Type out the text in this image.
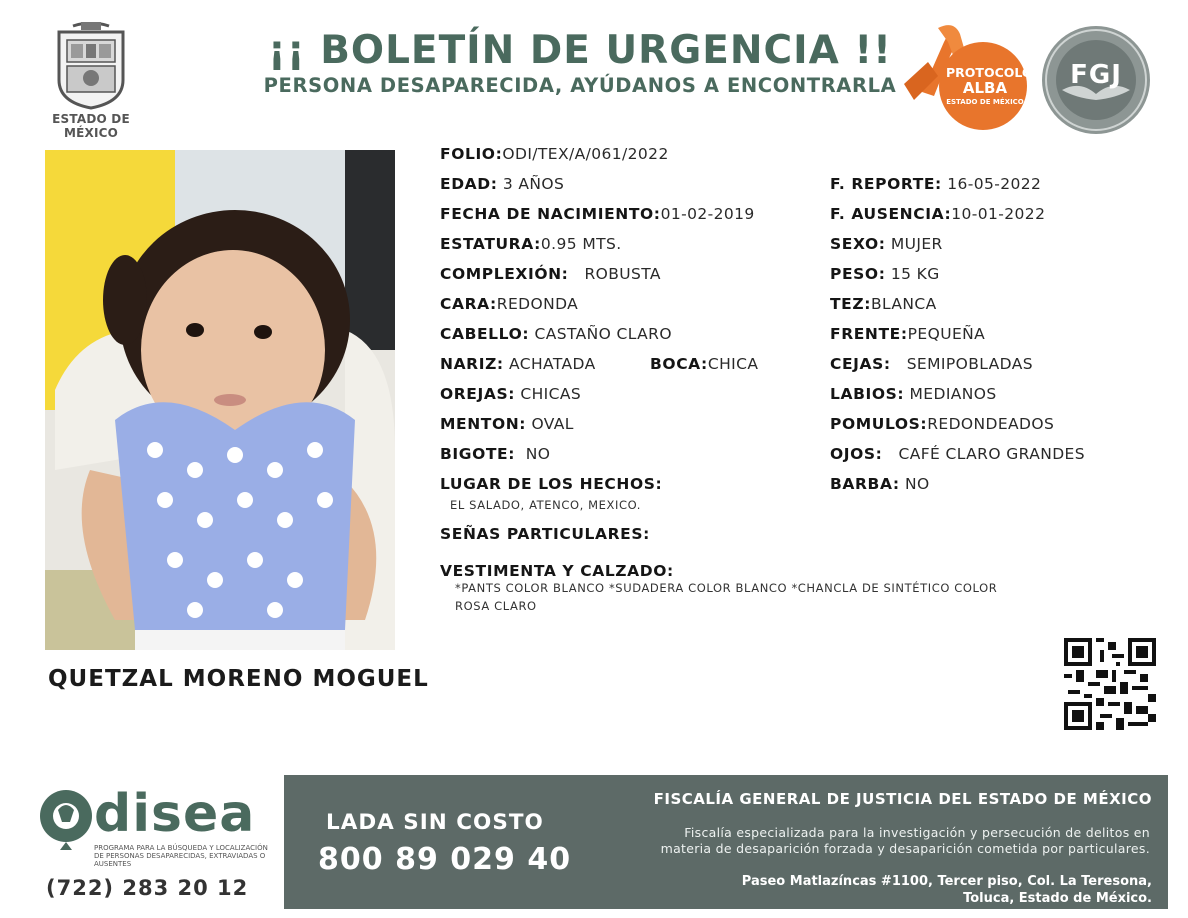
ESTADO DE MÉXICO
¡¡ BOLETÍN DE URGENCIA !!
PERSONA DESAPARECIDA, AYÚDANOS A ENCONTRARLA
PROTOCOLO
ALBA
ESTADO DE MÉXICO
FGJ
QUETZAL MORENO MOGUEL
FOLIO:ODI/TEX/A/061/2022
EDAD: 3 AÑOS
FECHA DE NACIMIENTO:01-02-2019
ESTATURA:0.95 MTS.
COMPLEXIÓN: ROBUSTA
CARA:REDONDA
CABELLO: CASTAÑO CLARO
NARIZ: ACHATADA	BOCA:CHICA
OREJAS: CHICAS
MENTON: OVAL
BIGOTE: NO
LUGAR DE LOS HECHOS:
EL SALADO, ATENCO, MEXICO.
SEÑAS PARTICULARES:
VESTIMENTA Y CALZADO:
*PANTS COLOR BLANCO *SUDADERA COLOR BLANCO *CHANCLA DE SINTÉTICO COLOR
ROSA CLARO
F. REPORTE: 16-05-2022
F. AUSENCIA:10-01-2022
SEXO: MUJER
PESO: 15 KG
TEZ:BLANCA
FRENTE:PEQUEÑA
CEJAS: SEMIPOBLADAS
LABIOS: MEDIANOS
POMULOS:REDONDEADOS
OJOS: CAFÉ CLARO GRANDES
BARBA: NO
disea
PROGRAMA PARA LA BÚSQUEDA Y LOCALIZACIÓN
DE PERSONAS DESAPARECIDAS, EXTRAVIADAS O
AUSENTES
(722) 283 20 12
LADA SIN COSTO
800 89 029 40
FISCALÍA GENERAL DE JUSTICIA DEL ESTADO DE MÉXICO
Fiscalía especializada para la investigación y persecución de delitos en
materia de desaparición forzada y desaparición cometida por particulares.
Paseo Matlazíncas #1100, Tercer piso, Col. La Teresona,
Toluca, Estado de México.
